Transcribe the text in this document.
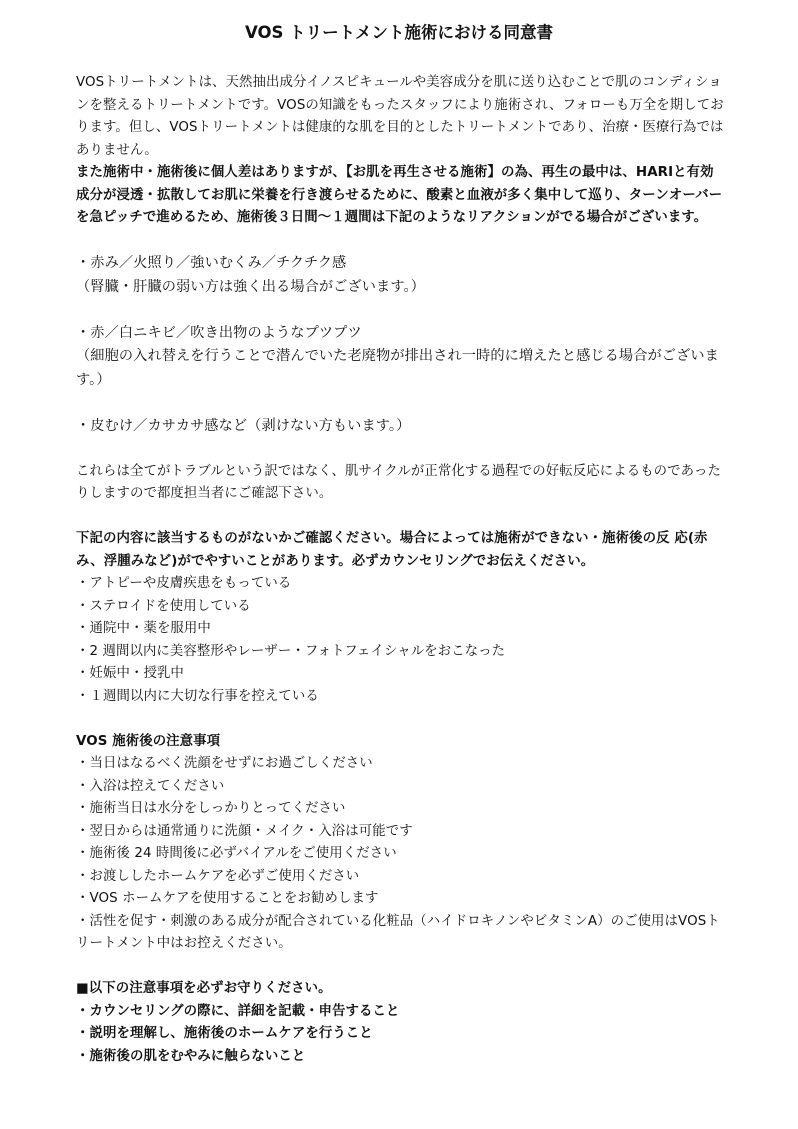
VOS トリートメント施術における同意書

VOSトリートメントは、天然抽出成分イノスピキュールや美容成分を肌に送り込むことで肌のコンディショ ンを整えるトリートメントです。VOSの知識をもったスタッフにより施術され、フォローも万全を期しております。但し、VOSトリートメントは健康的な肌を目的としたトリートメントであり、治療・医療行為ではありません。

また施術中・施術後に個人差はありますが、【お肌を再生させる施術】の為、再生の最中は、HARIと有効成分が浸透・拡散してお肌に栄養を行き渡らせるために、酸素と血液が多く集中して巡り、ターンオーバーを急ピッチで進めるため、施術後３日間〜１週間は下記のようなリアクションがでる場合がございます。

・赤み／火照り／強いむくみ／チクチク感

（腎臓・肝臓の弱い方は強く出る場合がございます。）

・赤／白ニキビ／吹き出物のようなプツプツ

（細胞の入れ替えを行うことで潜んでいた老廃物が排出され一時的に増えたと感じる場合がございます。）

・皮むけ／カサカサ感など（剥けない方もいます。）

これらは全てがトラブルという訳ではなく、肌サイクルが正常化する過程での好転反応によるものであったりしますので都度担当者にご確認下さい。

下記の内容に該当するものがないかご確認ください。場合によっては施術ができない・施術後の反 応(赤み、浮腫みなど)がでやすいことがあります。必ずカウンセリングでお伝えください。

・アトピーや皮膚疾患をもっている
・ステロイドを使用している
・通院中・薬を服用中
・2 週間以内に美容整形やレーザー・フォトフェイシャルをおこなった
・妊娠中・授乳中
・１週間以内に大切な行事を控えている

VOS 施術後の注意事項

・当日はなるべく洗顔をせずにお過ごしください
・入浴は控えてください
・施術当日は水分をしっかりとってください
・翌日からは通常通りに洗顔・メイク・入浴は可能です
・施術後 24 時間後に必ずバイアルをご使用ください
・お渡ししたホームケアを必ずご使用ください
・VOS ホームケアを使用することをお勧めします
・活性を促す・刺激のある成分が配合されている化粧品（ハイドロキノンやビタミンA）のご使用はVOSトリートメント中はお控えください。

■以下の注意事項を必ずお守りください。

・カウンセリングの際に、詳細を記載・申告すること
・説明を理解し、施術後のホームケアを行うこと
・施術後の肌をむやみに触らないこと
